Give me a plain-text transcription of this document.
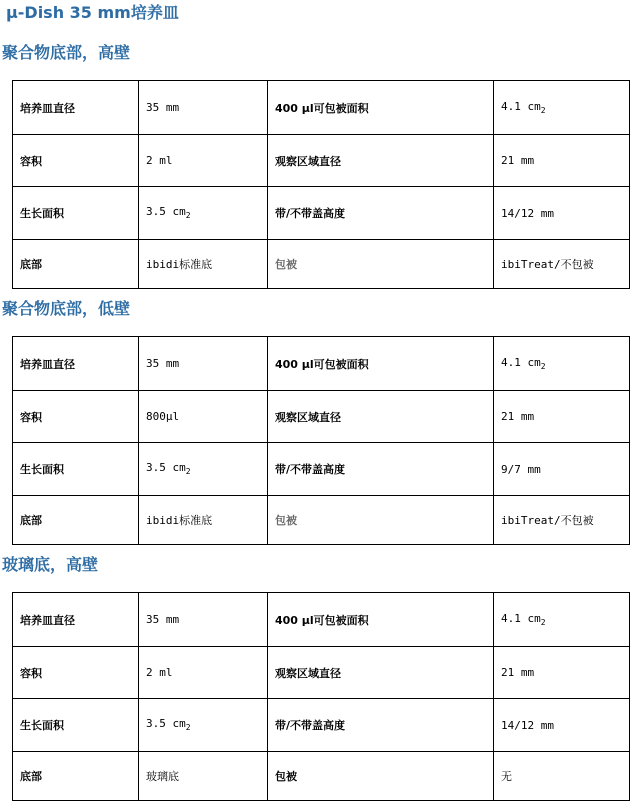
µ-Dish 35 mm培养皿
聚合物底部，高壁
培养皿直径	35 mm	400 µl可包被面积	4.1 $cm_2$
容积	2 ml	观察区域直径	21 mm
生长面积	3.5 $cm_2$	带/不带盖高度	14/12 mm
底部	ibidi标准底	包被	ibiTreat/不包被
聚合物底部，低壁
培养皿直径	35 mm	400 µl可包被面积	4.1 $cm_2$
容积	800µl	观察区域直径	21 mm
生长面积	3.5 $cm_2$	带/不带盖高度	9/7 mm
底部	ibidi标准底	包被	ibiTreat/不包被
玻璃底，高壁
培养皿直径	35 mm	400 µl可包被面积	4.1 $cm_2$
容积	2 ml	观察区域直径	21 mm
生长面积	3.5 $cm_2$	带/不带盖高度	14/12 mm
底部	玻璃底	包被	无
